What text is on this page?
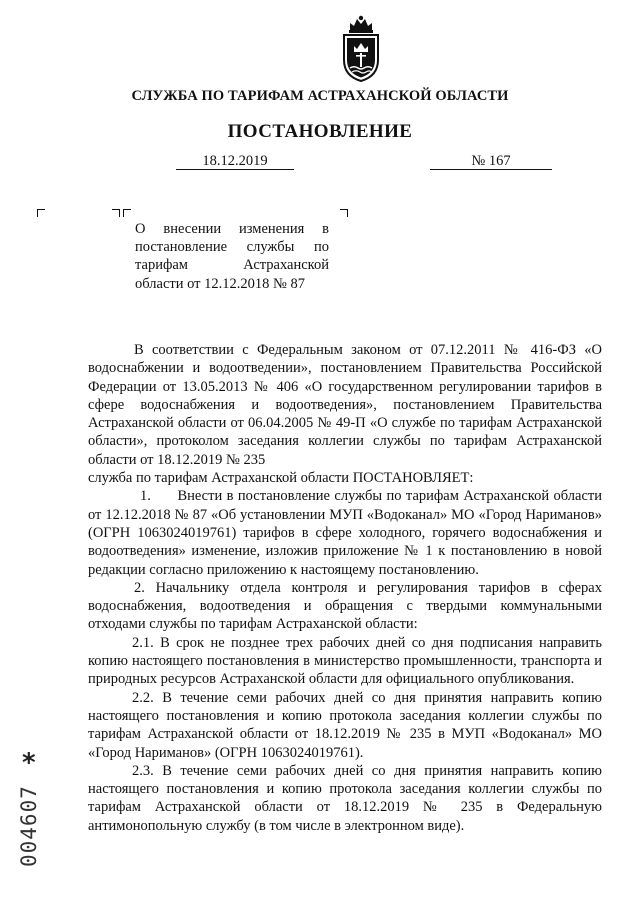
СЛУЖБА ПО ТАРИФАМ АСТРАХАНСКОЙ ОБЛАСТИ
ПОСТАНОВЛЕНИЕ
18.12.2019	№ 167
О внесении изменения в постановление службы по тарифам Астраханской области от 12.12.2018 № 87

В соответствии с Федеральным законом от 07.12.2011 № 416-ФЗ «О водоснабжении и водоотведении», постановлением Правительства Российской Федерации от 13.05.2013 № 406 «О государственном регулировании тарифов в сфере водоснабжения и водоотведения», постановлением Правительства Астраханской области от 06.04.2005 № 49-П «О службе по тарифам Астраханской области», протоколом заседания коллегии службы по тарифам Астраханской области от 18.12.2019 № 235

служба по тарифам Астраханской области ПОСТАНОВЛЯЕТ:

1.      Внести в постановление службы по тарифам Астраханской области от 12.12.2018 № 87 «Об установлении МУП «Водоканал» МО «Город Нариманов» (ОГРН 1063024019761) тарифов в сфере холодного, горячего водоснабжения и водоотведения» изменение, изложив приложение № 1 к постановлению в новой редакции согласно приложению к настоящему постановлению.

2. Начальнику отдела контроля и регулирования тарифов в сферах водоснабжения, водоотведения и обращения с твердыми коммунальными отходами службы по тарифам Астраханской области:

2.1. В срок не позднее трех рабочих дней со дня подписания направить копию настоящего постановления в министерство промышленности, транспорта и природных ресурсов Астраханской области для официального опубликования.

2.2. В течение семи рабочих дней со дня принятия направить копию настоящего постановления и копию протокола заседания коллегии службы по тарифам Астраханской области от 18.12.2019 № 235 в МУП «Водоканал» МО «Город Нариманов» (ОГРН 1063024019761).

2.3. В течение семи рабочих дней со дня принятия направить копию настоящего постановления и копию протокола заседания коллегии службы по тарифам Астраханской области от 18.12.2019 № 235 в Федеральную антимонопольную службу (в том числе в электронном виде).

*
004607
